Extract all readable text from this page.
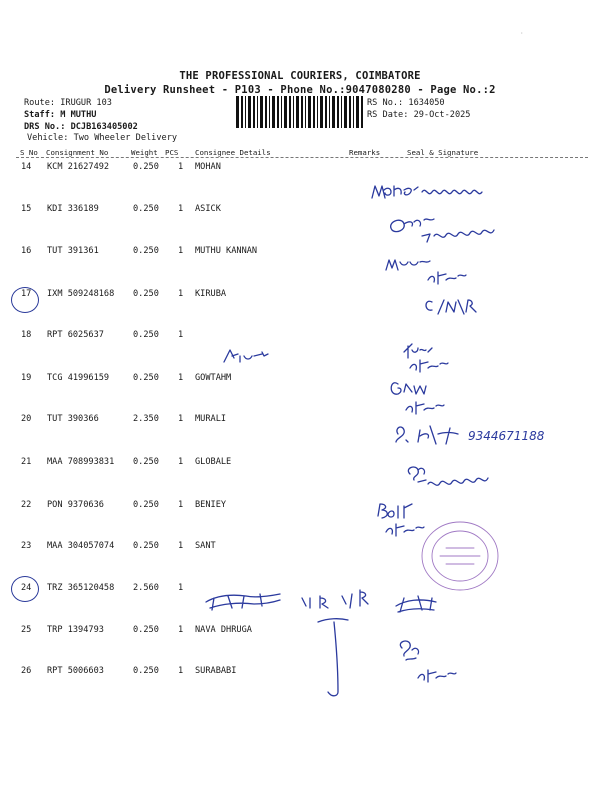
THE PROFESSIONAL COURIERS, COIMBATORE
Delivery Runsheet - P103 - Phone No.:9047080280 - Page No.:2
Route: IRUGUR 103
Staff: M MUTHU
DRS No.: DCJB163405002
Vehicle: Two Wheeler Delivery
RS No.: 1634050
RS Date: 29-Oct-2025
S No Consignment No	Weight PCS Consignee Details	Remarks	Seal & Signature
14 KCM 21627492	0.250 1 MOHAN
15 KDI 336189	0.250 1 ASICK
16 TUT 391361	0.250 1 MUTHU KANNAN
17 IXM 509248168 0.250 1 KIRUBA
18 RPT 6025637	0.250 1
19 TCG 41996159	0.250 1 GOWTAHM
20 TUT 390366	2.350 1 MURALI
21 MAA 708993831 0.250 1 GLOBALE
22 PON 9370636	0.250 1 BENIEY
23 MAA 304057074 0.250 1 SANT
24 TRZ 365120458 2.560 1
25 TRP 1394793	0.250 1 NAVA DHRUGA
26 RPT 5006603	0.250 1 SURABABI
9344671188
·
